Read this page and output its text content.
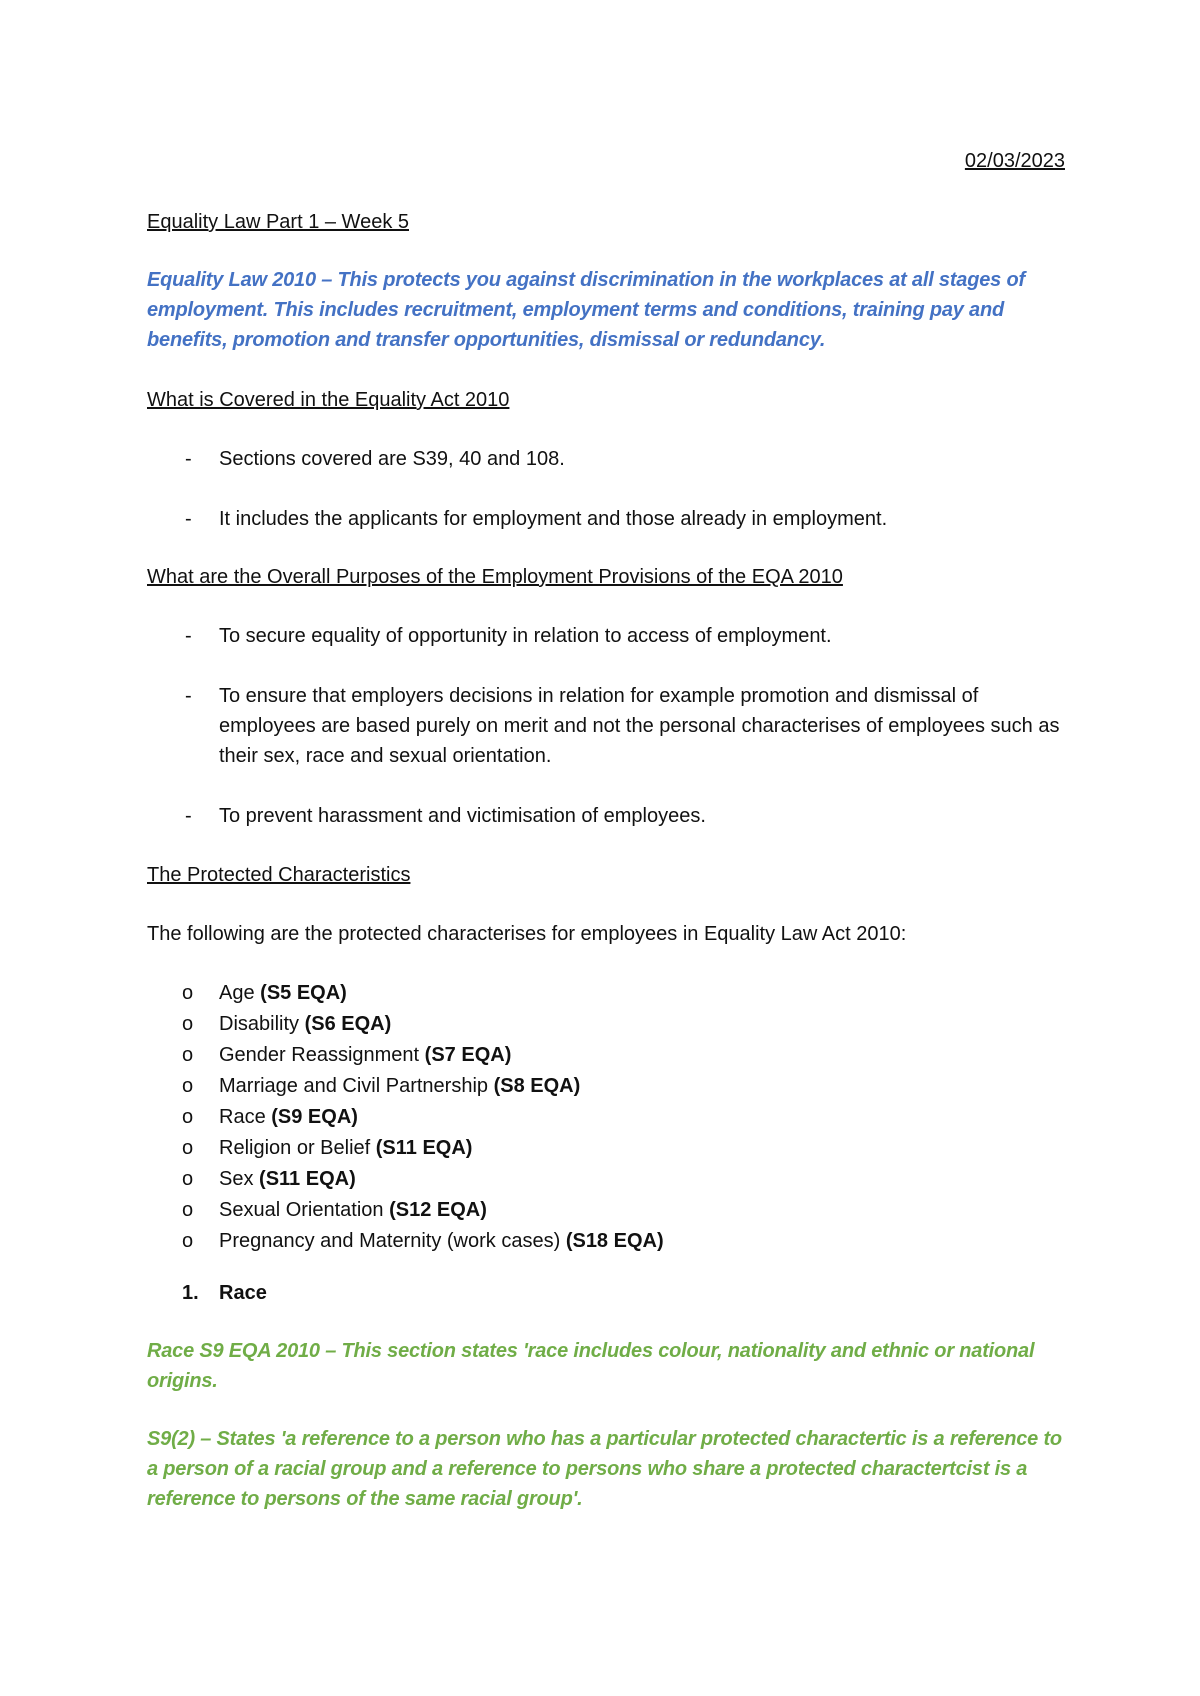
02/03/2023
Equality Law Part 1 – Week 5
Equality Law 2010 – This protects you against discrimination in the workplaces at all stages of employment. This includes recruitment, employment terms and conditions, training pay and benefits, promotion and transfer opportunities, dismissal or redundancy.
What is Covered in the Equality Act 2010
- Sections covered are S39, 40 and 108.
- It includes the applicants for employment and those already in employment.
What are the Overall Purposes of the Employment Provisions of the EQA 2010
- To secure equality of opportunity in relation to access of employment.
- To ensure that employers decisions in relation for example promotion and dismissal of employees are based purely on merit and not the personal characterises of employees such as their sex, race and sexual orientation.
- To prevent harassment and victimisation of employees.
The Protected Characteristics
The following are the protected characterises for employees in Equality Law Act 2010:
o Age (S5 EQA)
o Disability (S6 EQA)
o Gender Reassignment (S7 EQA)
o Marriage and Civil Partnership (S8 EQA)
o Race (S9 EQA)
o Religion or Belief (S11 EQA)
o Sex (S11 EQA)
o Sexual Orientation (S12 EQA)
o Pregnancy and Maternity (work cases) (S18 EQA)
1. Race
Race S9 EQA 2010 – This section states 'race includes colour, nationality and ethnic or national origins.
S9(2) – States 'a reference to a person who has a particular protected charactertic is a reference to a person of a racial group and a reference to persons who share a protected charactertcist is a reference to persons of the same racial group'.
